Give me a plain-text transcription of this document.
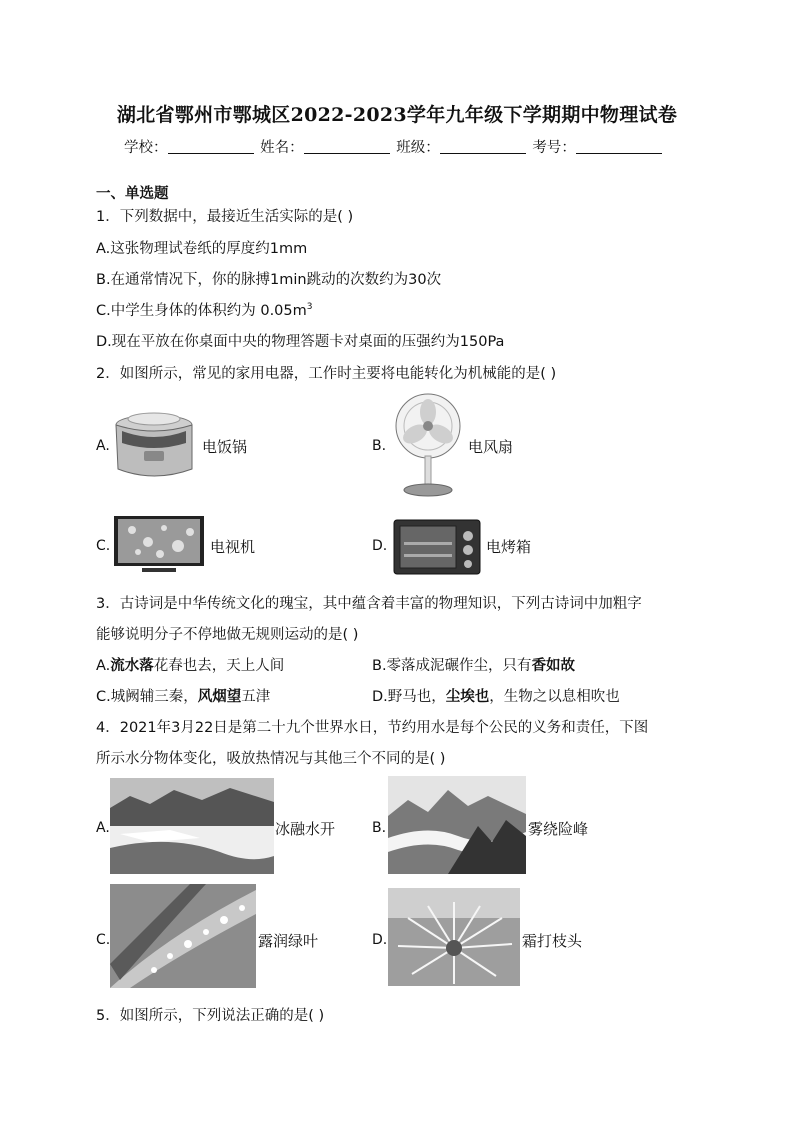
湖北省鄂州市鄂城区2022-2023学年九年级下学期期中物理试卷
学校：	姓名：	班级：	考号：
一、单选题
1．下列数据中，最接近生活实际的是( )
A.这张物理试卷纸的厚度约1mm
B.在通常情况下，你的脉搏1min跳动的次数约为30次
C.中学生身体的体积约为 $0.05m^3$
D.现在平放在你桌面中央的物理答题卡对桌面的压强约为150Pa
2．如图所示，常见的家用电器，工作时主要将电能转化为机械能的是( )
A.	电饭锅	B.	电风扇
C.	电视机	D.	电烤箱
3．古诗词是中华传统文化的瑰宝，其中蕴含着丰富的物理知识，下列古诗词中加粗字
能够说明分子不停地做无规则运动的是( )
A.流水落花春也去，天上人间	B.零落成泥碾作尘，只有香如故
C.城阙辅三秦，风烟望五津	D.野马也，尘埃也，生物之以息相吹也
4．2021年3月22日是第二十九个世界水日，节约用水是每个公民的义务和责任，下图
所示水分物体变化，吸放热情况与其他三个不同的是( )
A.	冰融水开	B.	雾绕险峰
C.	露润绿叶	D.	霜打枝头
5．如图所示，下列说法正确的是( )
